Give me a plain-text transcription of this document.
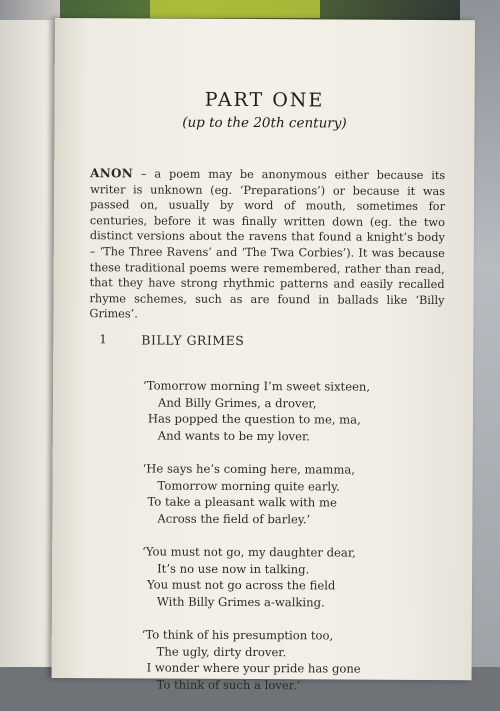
PART ONE
(up to the 20th century)
ANON – a poem may be anonymous either because its writer is unknown (eg. ‘Preparations’) or because it was passed on, usually by word of mouth, sometimes for centuries, before it was finally written down (eg. the two distinct versions about the ravens that found a knight’s body – ‘The Three Ravens’ and ‘The Twa Corbies’). It was because these traditional poems were remembered, rather than read, that they have strong rhythmic patterns and easily recalled rhyme schemes, such as are found in ballads like ‘Billy Grimes’.
1	BILLY GRIMES
‘Tomorrow morning I’m sweet sixteen,
And Billy Grimes, a drover,
Has popped the question to me, ma,
And wants to be my lover.
‘He says he’s coming here, mamma,
Tomorrow morning quite early.
To take a pleasant walk with me
Across the field of barley.’
‘You must not go, my daughter dear,
It’s no use now in talking.
You must not go across the field
With Billy Grimes a-walking.
‘To think of his presumption too,
The ugly, dirty drover.
I wonder where your pride has gone
To think of such a lover.’
